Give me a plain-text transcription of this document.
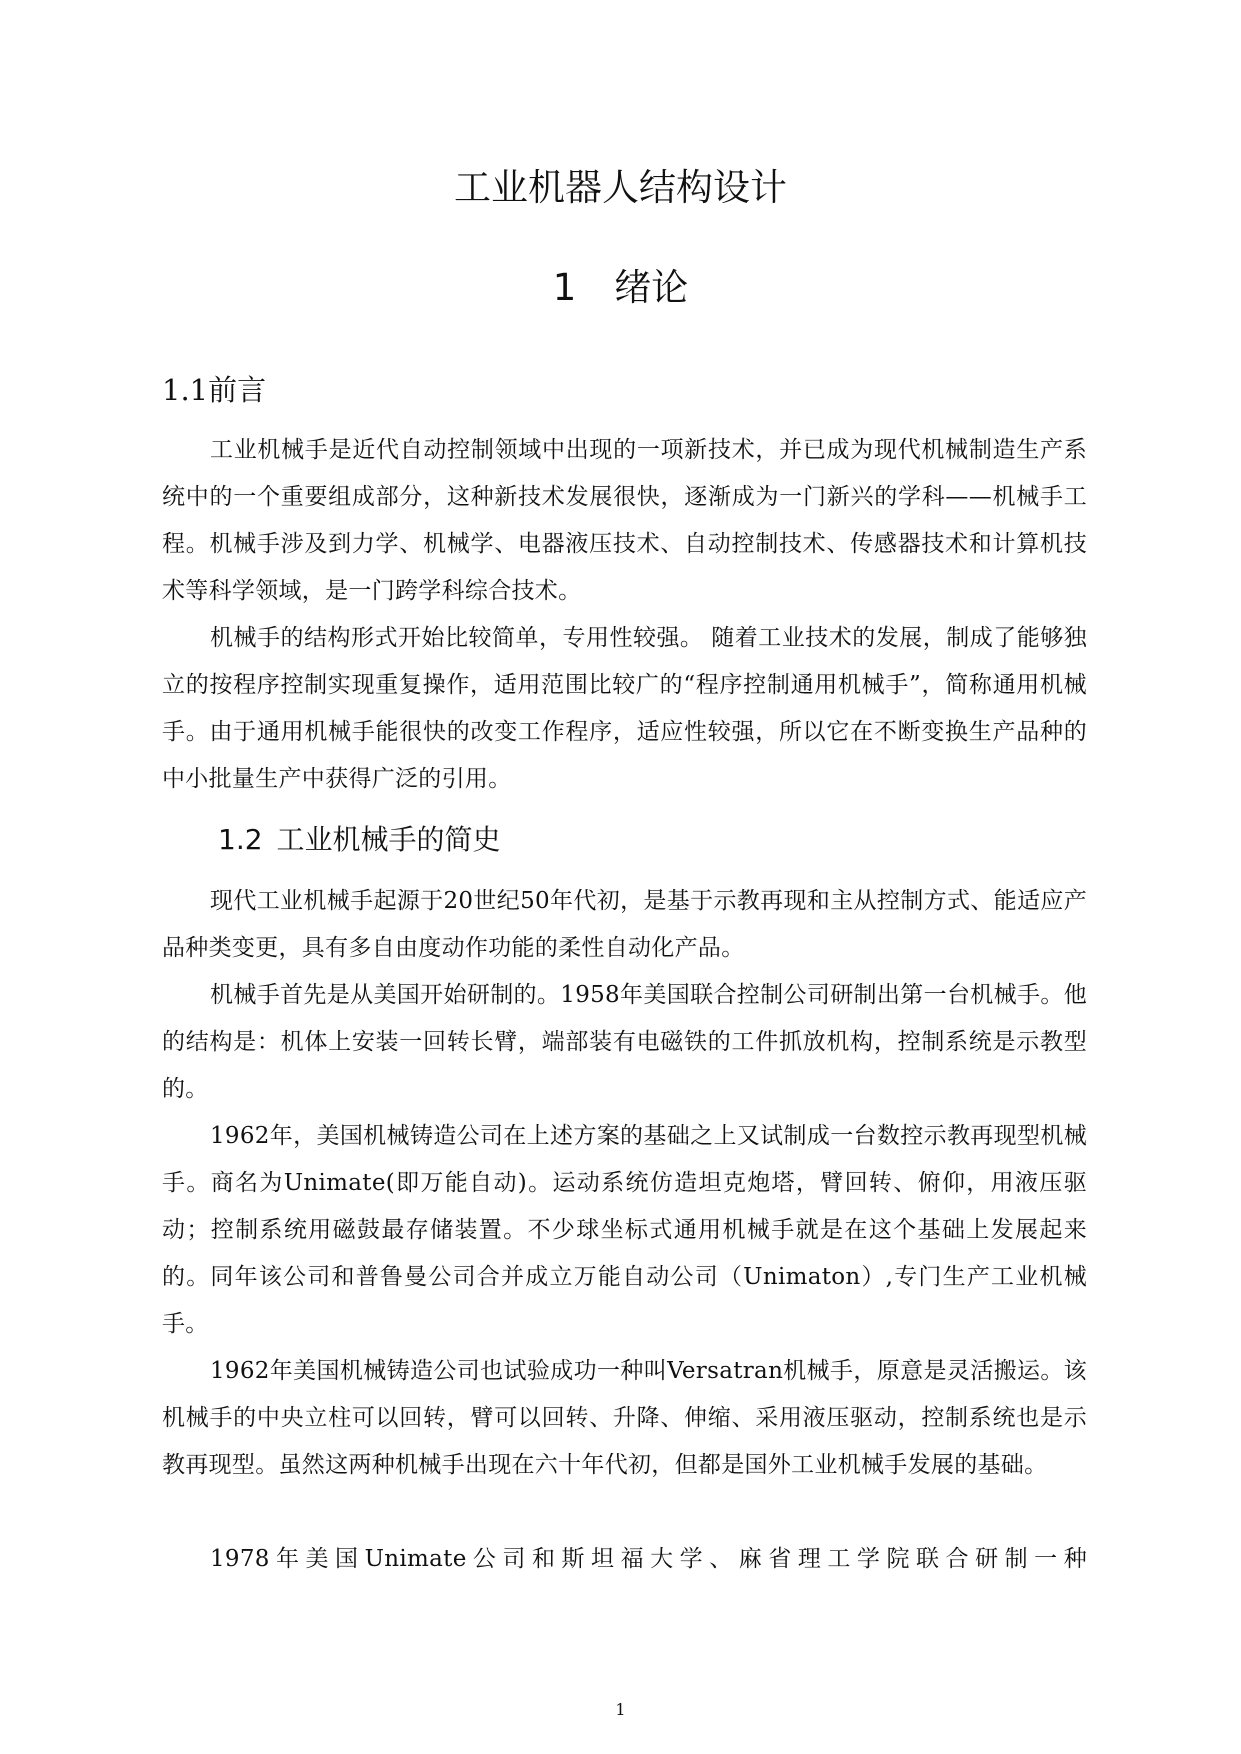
工业机器人结构设计
1 绪论
1.1前言

工业机械手是近代自动控制领域中出现的一项新技术，并已成为现代机械制造生产系统中的一个重要组成部分，这种新技术发展很快，逐渐成为一门新兴的学科——机械手工程。机械手涉及到力学、机械学、电器液压技术、自动控制技术、传感器技术和计算机技术等科学领域，是一门跨学科综合技术。

机械手的结构形式开始比较简单，专用性较强。 随着工业技术的发展，制成了能够独立的按程序控制实现重复操作，适用范围比较广的“程序控制通用机械手”，简称通用机械手。由于通用机械手能很快的改变工作程序，适应性较强，所以它在不断变换生产品种的中小批量生产中获得广泛的引用。

1.2 工业机械手的简史

现代工业机械手起源于20世纪50年代初，是基于示教再现和主从控制方式、能适应产品种类变更，具有多自由度动作功能的柔性自动化产品。

机械手首先是从美国开始研制的。1958年美国联合控制公司研制出第一台机械手。他的结构是：机体上安装一回转长臂，端部装有电磁铁的工件抓放机构，控制系统是示教型的。

1962年，美国机械铸造公司在上述方案的基础之上又试制成一台数控示教再现型机械手。商名为Unimate(即万能自动)。运动系统仿造坦克炮塔，臂回转、俯仰，用液压驱动；控制系统用磁鼓最存储装置。不少球坐标式通用机械手就是在这个基础上发展起来的。同年该公司和普鲁曼公司合并成立万能自动公司（Unimaton）,专门生产工业机械手。

1962年美国机械铸造公司也试验成功一种叫Versatran机械手，原意是灵活搬运。该机械手的中央立柱可以回转，臂可以回转、升降、伸缩、采用液压驱动，控制系统也是示教再现型。虽然这两种机械手出现在六十年代初，但都是国外工业机械手发展的基础。

1978年美国Unimate公司和斯坦福大学、麻省理工学院联合研制一种

1
